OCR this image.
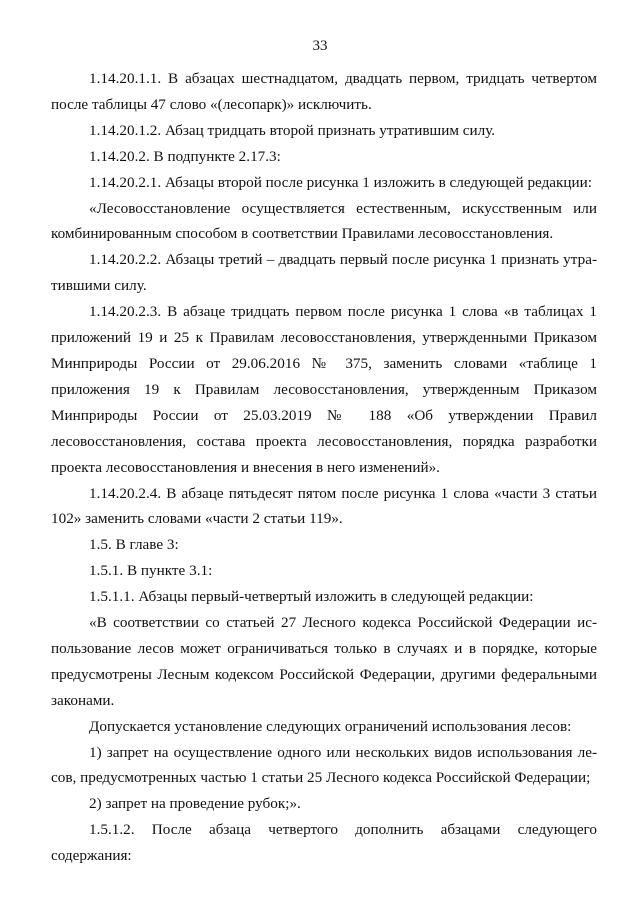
33

1.14.20.1.1. В абзацах шестнадцатом, двадцать первом, тридцать четвертом после таблицы 47 слово «(лесопарк)» исключить.

1.14.20.1.2. Абзац тридцать второй признать утратившим силу.

1.14.20.2. В подпункте 2.17.3:

1.14.20.2.1. Абзацы второй после рисунка 1 изложить в следующей редакции:

«Лесовосстановление осуществляется естественным, искусственным или комбинированным способом в соответствии Правилами лесовосстановления.

1.14.20.2.2. Абзацы третий – двадцать первый после рисунка 1 признать утратившими силу.

1.14.20.2.3. В абзаце тридцать первом после рисунка 1 слова «в таблицах 1 приложений 19 и 25 к Правилам лесовосстановления, утвержденными Приказом Минприроды России от 29.06.2016 № 375, заменить словами «таблице 1 приложения 19 к Правилам лесовосстановления, утвержденным Приказом Минприроды России от 25.03.2019 № 188 «Об утверждении Правил лесовосстановления, состава проекта лесовосстановления, порядка разработки проекта лесовосстановления и внесения в него изменений».

1.14.20.2.4. В абзаце пятьдесят пятом после рисунка 1 слова «части 3 статьи 102» заменить словами «части 2 статьи 119».

1.5. В главе 3:

1.5.1. В пункте 3.1:

1.5.1.1. Абзацы первый-четвертый изложить в следующей редакции:

«В соответствии со статьей 27 Лесного кодекса Российской Федерации использование лесов может ограничиваться только в случаях и в порядке, которые предусмотрены Лесным кодексом Российской Федерации, другими федеральными законами.

Допускается установление следующих ограничений использования лесов:

1) запрет на осуществление одного или нескольких видов использования лесов, предусмотренных частью 1 статьи 25 Лесного кодекса Российской Федерации;

2) запрет на проведение рубок;».

1.5.1.2. После абзаца четвертого дополнить абзацами следующего содержания:
